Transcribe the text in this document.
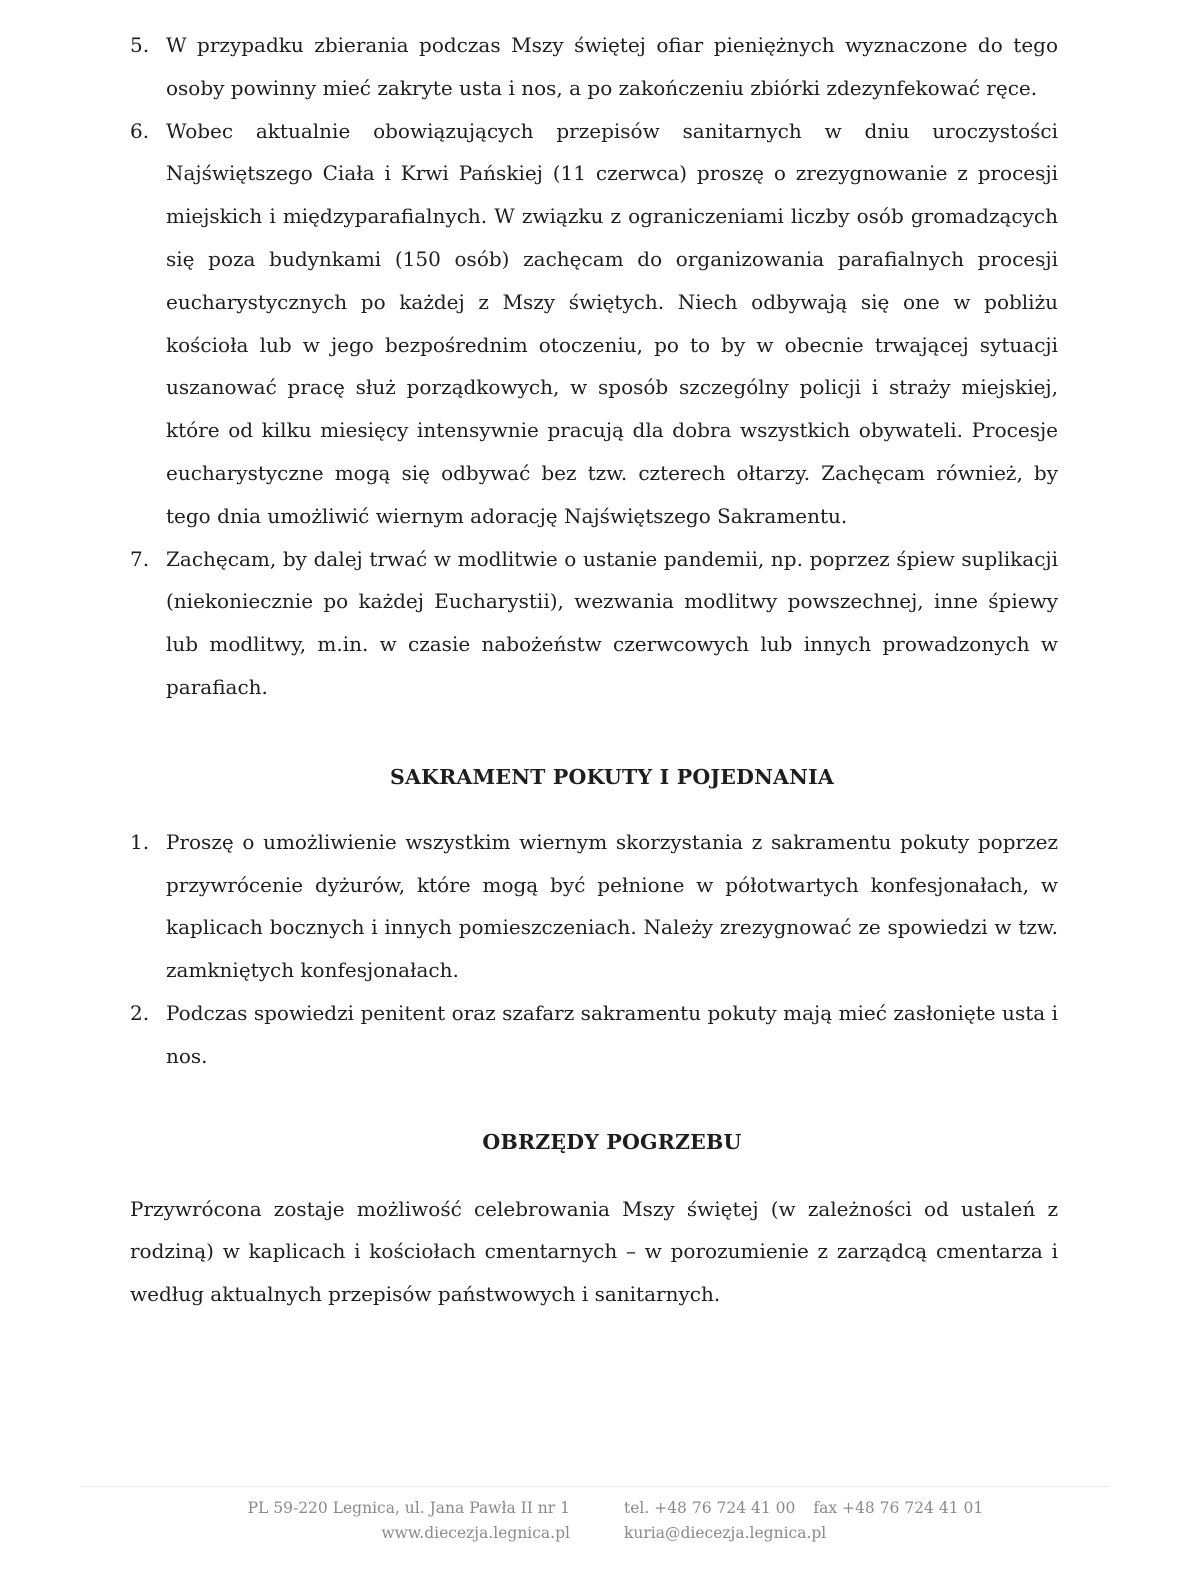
5. W przypadku zbierania podczas Mszy świętej ofiar pieniężnych wyznaczone do tego osoby powinny mieć zakryte usta i nos, a po zakończeniu zbiórki zdezynfekować ręce.
6. Wobec aktualnie obowiązujących przepisów sanitarnych w dniu uroczystości Najświętszego Ciała i Krwi Pańskiej (11 czerwca) proszę o zrezygnowanie z procesji miejskich i międzyparafialnych. W związku z ograniczeniami liczby osób gromadzących się poza budynkami (150 osób) zachęcam do organizowania parafialnych procesji eucharystycznych po każdej z Mszy świętych. Niech odbywają się one w pobliżu kościoła lub w jego bezpośrednim otoczeniu, po to by w obecnie trwającej sytuacji uszanować pracę służ porządkowych, w sposób szczególny policji i straży miejskiej, które od kilku miesięcy intensywnie pracują dla dobra wszystkich obywateli. Procesje eucharystyczne mogą się odbywać bez tzw. czterech ołtarzy. Zachęcam również, by tego dnia umożliwić wiernym adorację Najświętszego Sakramentu.
7. Zachęcam, by dalej trwać w modlitwie o ustanie pandemii, np. poprzez śpiew suplikacji (niekoniecznie po każdej Eucharystii), wezwania modlitwy powszechnej, inne śpiewy lub modlitwy, m.in. w czasie nabożeństw czerwcowych lub innych prowadzonych w parafiach.
SAKRAMENT POKUTY I POJEDNANIA
1. Proszę o umożliwienie wszystkim wiernym skorzystania z sakramentu pokuty poprzez przywrócenie dyżurów, które mogą być pełnione w półotwartych konfesjonałach, w kaplicach bocznych i innych pomieszczeniach. Należy zrezygnować ze spowiedzi w tzw. zamkniętych konfesjonałach.
2. Podczas spowiedzi penitent oraz szafarz sakramentu pokuty mają mieć zasłonięte usta i nos.
OBRZĘDY POGRZEBU
Przywrócona zostaje możliwość celebrowania Mszy świętej (w zależności od ustaleń z rodziną) w kaplicach i kościołach cmentarnych – w porozumienie z zarządcą cmentarza i według aktualnych przepisów państwowych i sanitarnych.
PL 59-220 Legnica, ul. Jana Pawła II nr 1
www.diecezja.legnica.pl
tel. +48 76 724 41 00 fax +48 76 724 41 01
kuria@diecezja.legnica.pl
